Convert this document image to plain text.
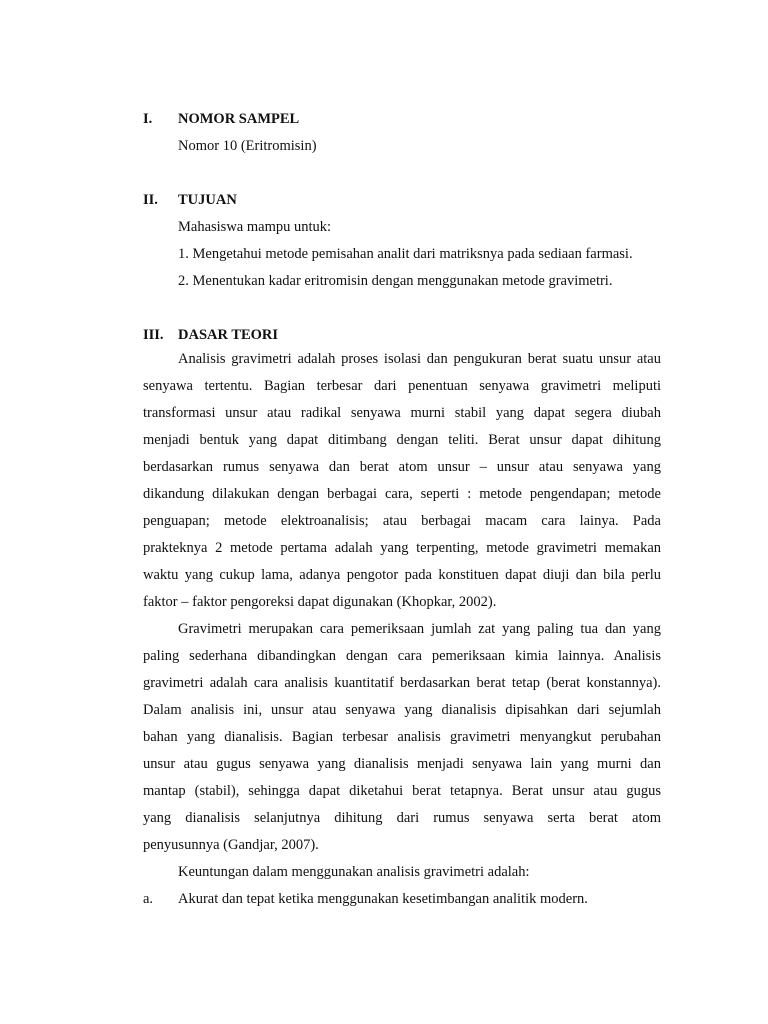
I. NOMOR SAMPEL
Nomor 10 (Eritromisin)
II. TUJUAN
Mahasiswa mampu untuk:
1. Mengetahui metode pemisahan analit dari matriksnya pada sediaan farmasi.
2. Menentukan kadar eritromisin dengan menggunakan metode gravimetri.
III. DASAR TEORI
Analisis gravimetri adalah proses isolasi dan pengukuran berat suatu unsur atau
senyawa tertentu. Bagian terbesar dari penentuan senyawa gravimetri meliputi
transformasi unsur atau radikal senyawa murni stabil yang dapat segera diubah
menjadi bentuk yang dapat ditimbang dengan teliti. Berat unsur dapat dihitung
berdasarkan rumus senyawa dan berat atom unsur – unsur atau senyawa yang
dikandung dilakukan dengan berbagai cara, seperti : metode pengendapan; metode
penguapan; metode elektroanalisis; atau berbagai macam cara lainya. Pada
prakteknya 2 metode pertama adalah yang terpenting, metode gravimetri memakan
waktu yang cukup lama, adanya pengotor pada konstituen dapat diuji dan bila perlu
faktor – faktor pengoreksi dapat digunakan (Khopkar, 2002).
Gravimetri merupakan cara pemeriksaan jumlah zat yang paling tua dan yang
paling sederhana dibandingkan dengan cara pemeriksaan kimia lainnya. Analisis
gravimetri adalah cara analisis kuantitatif berdasarkan berat tetap (berat konstannya).
Dalam analisis ini, unsur atau senyawa yang dianalisis dipisahkan dari sejumlah
bahan yang dianalisis. Bagian terbesar analisis gravimetri menyangkut perubahan
unsur atau gugus senyawa yang dianalisis menjadi senyawa lain yang murni dan
mantap (stabil), sehingga dapat diketahui berat tetapnya. Berat unsur atau gugus
yang dianalisis selanjutnya dihitung dari rumus senyawa serta berat atom
penyusunnya (Gandjar, 2007).
Keuntungan dalam menggunakan analisis gravimetri adalah:
a. Akurat dan tepat ketika menggunakan kesetimbangan analitik modern.
